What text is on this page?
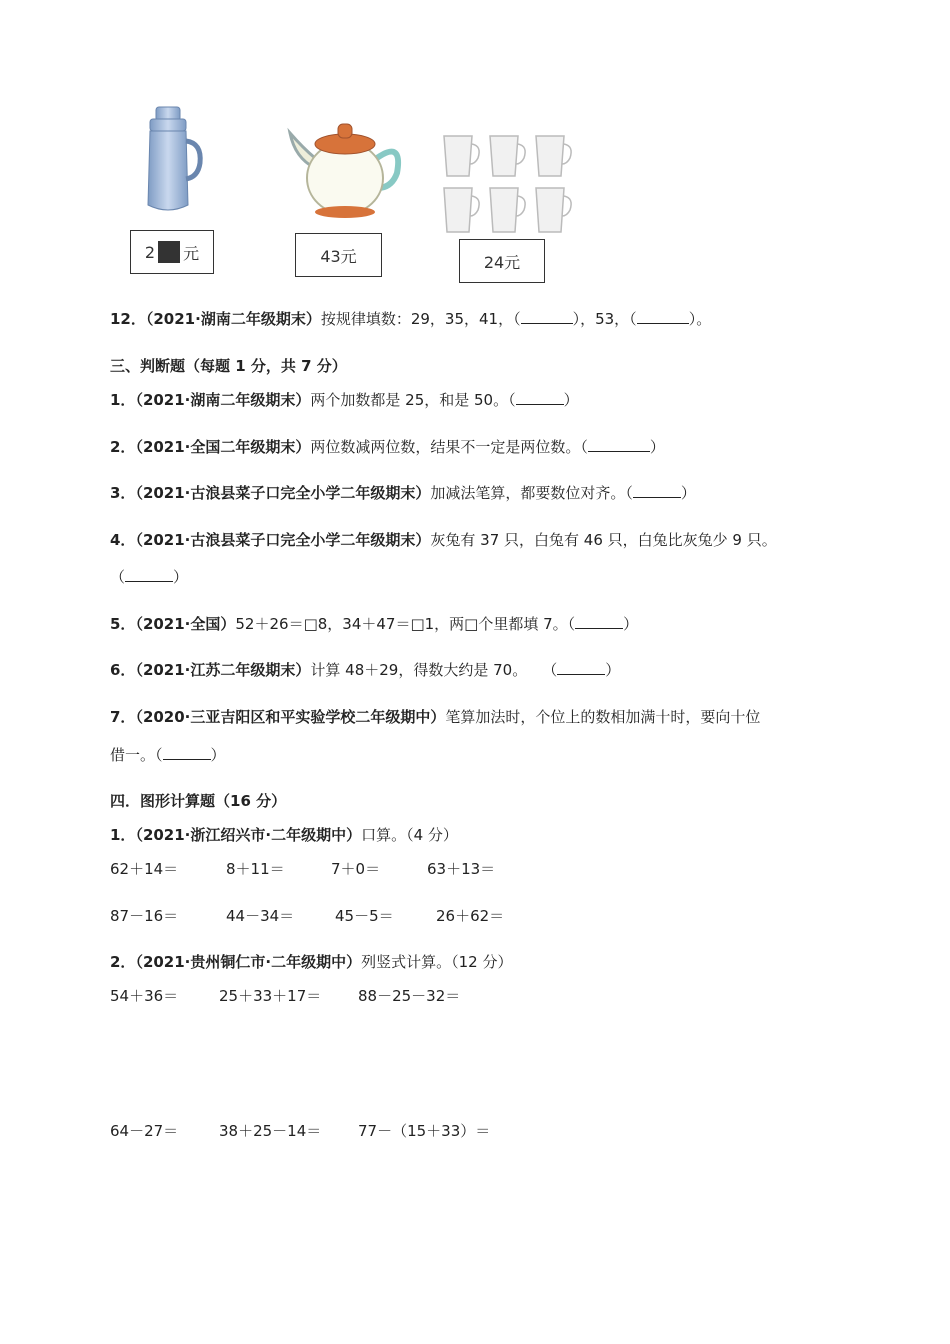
2 元	43元	24元
12．（2021·湖南二年级期末）按规律填数：29，35，41，（	），53，（	）。
三、判断题（每题 1 分，共 7 分）
1．（2021·湖南二年级期末）两个加数都是 25，和是 50。（	）
2．（2021·全国二年级期末）两位数减两位数，结果不一定是两位数。（	）
3．（2021·古浪县菜子口完全小学二年级期末）加减法笔算，都要数位对齐。（	）
4．（2021·古浪县菜子口完全小学二年级期末）灰兔有 37 只，白兔有 46 只，白兔比灰兔少 9 只。
（	）
5．（2021·全国）52＋26＝□8，34＋47＝□1，两□个里都填 7。（	）
6．（2021·江苏二年级期末）计算 48＋29，得数大约是 70。　　（	）
7．（2020·三亚吉阳区和平实验学校二年级期中）笔算加法时，个位上的数相加满十时，要向十位
借一。（	）
四．图形计算题（16 分）
1．（2021·浙江绍兴市·二年级期中）口算。（4 分）
62＋14＝	8＋11＝	7＋0＝	63＋13＝
87－16＝	44－34＝	45－5＝	26＋62＝
2．（2021·贵州铜仁市·二年级期中）列竖式计算。（12 分）
54＋36＝	25＋33＋17＝ 88－25－32＝
64－27＝	38＋25－14＝ 77－（15＋33）＝
